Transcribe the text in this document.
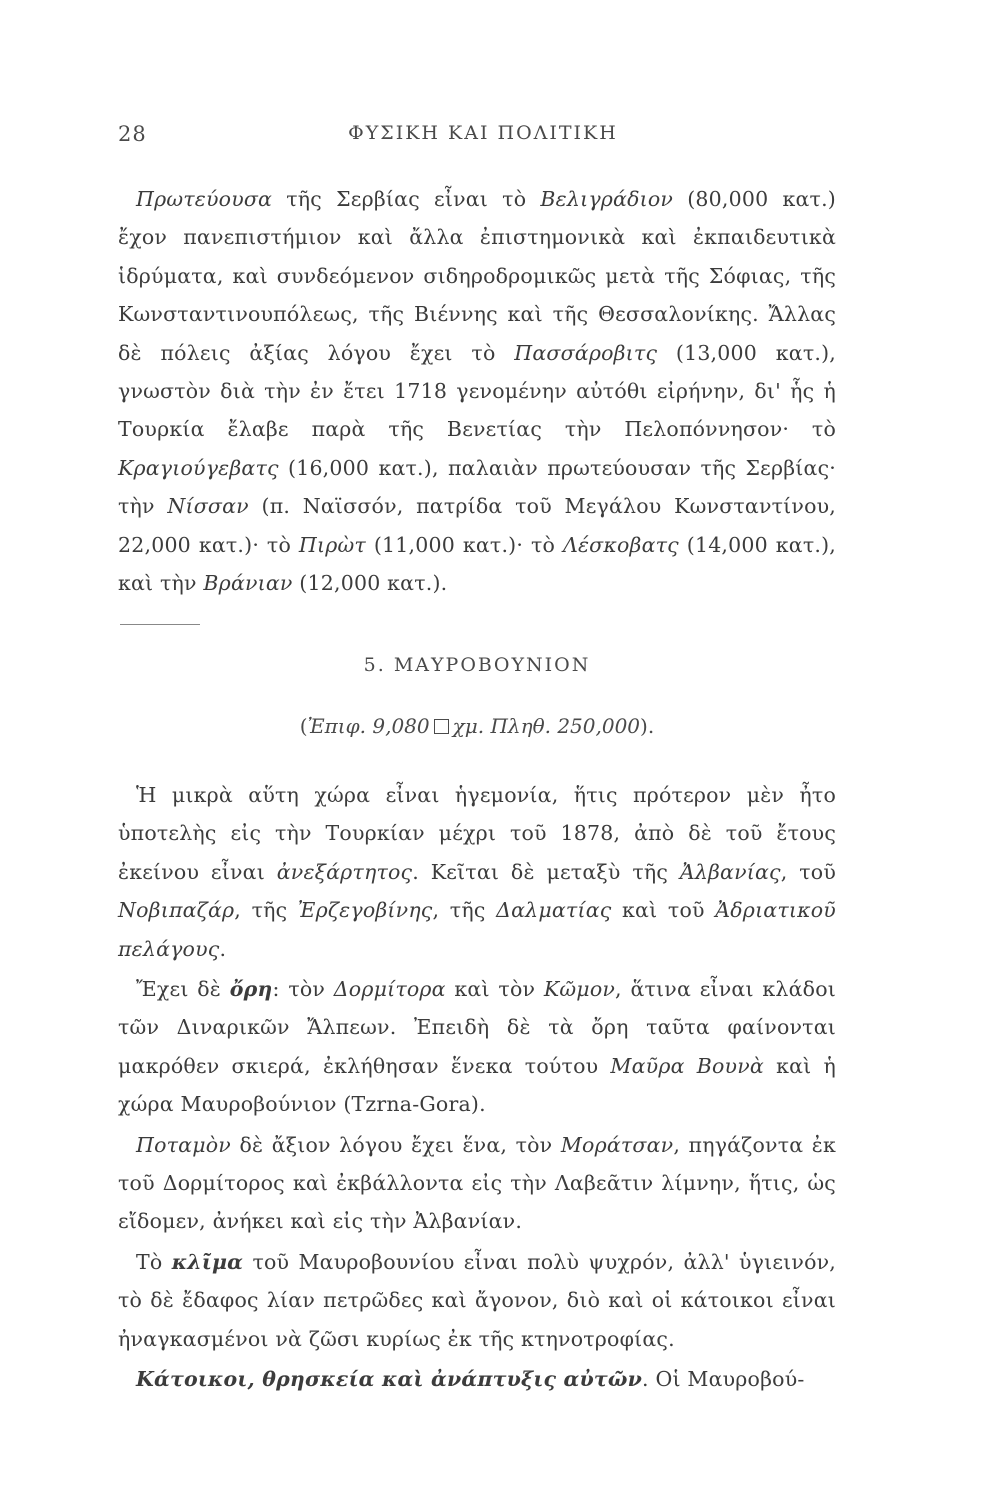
28	ΦΥΣΙΚΗ ΚΑΙ ΠΟΛΙΤΙΚΗ

Πρωτεύουσα τῆς Σερβίας εἶναι τὸ Βελιγράδιον (80,000 κατ.) ἔχον πανεπιστήμιον καὶ ἄλλα ἐπιστημονικὰ καὶ ἐκπαιδευτικὰ ἱδρύματα, καὶ συνδεόμενον σιδηροδρομικῶς μετὰ τῆς Σόφιας, τῆς Κωνσταντινουπόλεως, τῆς Βιέννης καὶ τῆς Θεσσαλονίκης. Ἄλλας δὲ πόλεις ἀξίας λόγου ἔχει τὸ Πασσάροβιτς (13,000 κατ.), γνωστὸν διὰ τὴν ἐν ἔτει 1718 γενομένην αὐτόθι εἰρήνην, δι' ἧς ἡ Τουρκία ἔλαβε παρὰ τῆς Βενετίας τὴν Πελοπόννησον· τὸ Κραγιούγεβατς (16,000 κατ.), παλαιὰν πρωτεύουσαν τῆς Σερβίας· τὴν Νίσσαν (π. Ναϊσσόν, πατρίδα τοῦ Μεγάλου Κωνσταντίνου, 22,000 κατ.)· τὸ Πιρὼτ (11,000 κατ.)· τὸ Λέσκοβατς (14,000 κατ.), καὶ τὴν Βράνιαν (12,000 κατ.).

5. ΜΑΥΡΟΒΟΥΝΙΟΝ
(Ἐπιφ. 9,080 χμ. Πληθ. 250,000).

Ἡ μικρὰ αὕτη χώρα εἶναι ἡγεμονία, ἥτις πρότερον μὲν ἦτο ὑποτελὴς εἰς τὴν Τουρκίαν μέχρι τοῦ 1878, ἀπὸ δὲ τοῦ ἔτους ἐκείνου εἶναι ἀνεξάρτητος. Κεῖται δὲ μεταξὺ τῆς Ἀλβανίας, τοῦ Νοβιπαζάρ, τῆς Ἐρζεγοβίνης, τῆς Δαλματίας καὶ τοῦ Ἀδριατικοῦ πελάγους.

Ἔχει δὲ ὄρη: τὸν Δορμίτορα καὶ τὸν Κῶμον, ἅτινα εἶναι κλάδοι τῶν Διναρικῶν Ἄλπεων. Ἐπειδὴ δὲ τὰ ὄρη ταῦτα φαίνονται μακρόθεν σκιερά, ἐκλήθησαν ἕνεκα τούτου Μαῦρα Βουνὰ καὶ ἡ χώρα Μαυροβούνιον (Tzrna-Gora).

Ποταμὸν δὲ ἄξιον λόγου ἔχει ἕνα, τὸν Μοράτσαν, πηγάζοντα ἐκ τοῦ Δορμίτορος καὶ ἐκβάλλοντα εἰς τὴν Λαβεᾶτιν λίμνην, ἥτις, ὡς εἴδομεν, ἀνήκει καὶ εἰς τὴν Ἀλβανίαν.

Τὸ κλῖμα τοῦ Μαυροβουνίου εἶναι πολὺ ψυχρόν, ἀλλ' ὑγιεινόν, τὸ δὲ ἔδαφος λίαν πετρῶδες καὶ ἄγονον, διὸ καὶ οἱ κάτοικοι εἶναι ἠναγκασμένοι νὰ ζῶσι κυρίως ἐκ τῆς κτηνοτροφίας.

Κάτοικοι, θρησκεία καὶ ἀνάπτυξις αὐτῶν. Οἱ Μαυροβού-
